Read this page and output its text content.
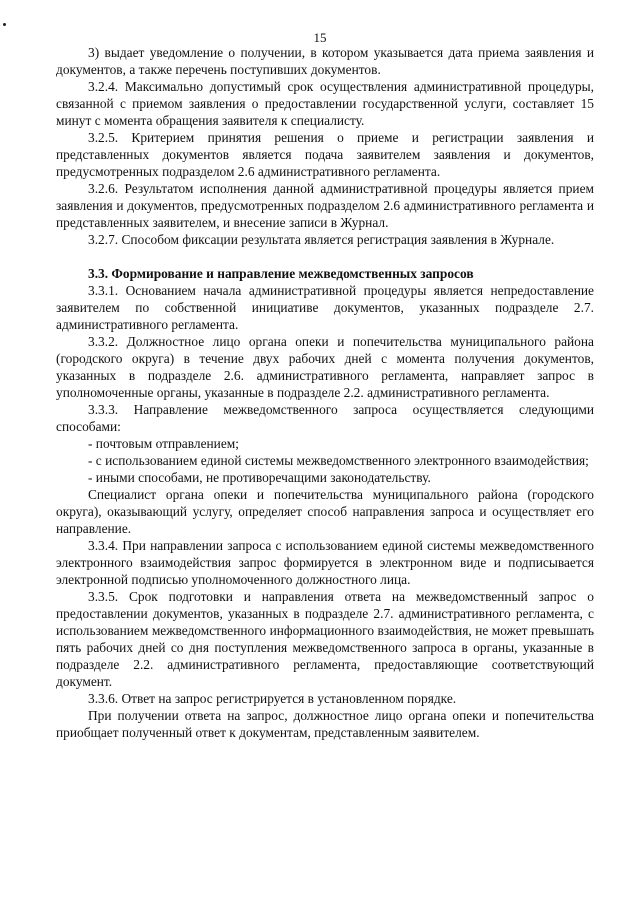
15

3) выдает уведомление о получении, в котором указывается дата приема заявления и документов, а также перечень поступивших документов.

3.2.4. Максимально допустимый срок осуществления административной процедуры, связанной с приемом заявления о предоставлении государственной услуги, составляет 15 минут с момента обращения заявителя к специалисту.

3.2.5. Критерием принятия решения о приеме и регистрации заявления и представленных документов является подача заявителем заявления и документов, предусмотренных подразделом 2.6 административного регламента.

3.2.6. Результатом исполнения данной административной процедуры является прием заявления и документов, предусмотренных подразделом 2.6 административного регламента и представленных заявителем, и внесение записи в Журнал.

3.2.7. Способом фиксации результата является регистрация заявления в Журнале.

3.3. Формирование и направление межведомственных запросов

3.3.1. Основанием начала административной процедуры является непредоставление заявителем по собственной инициативе документов, указанных подразделе 2.7. административного регламента.

3.3.2. Должностное лицо органа опеки и попечительства муниципального района (городского округа) в течение двух рабочих дней с момента получения документов, указанных в подразделе 2.6. административного регламента, направляет запрос в уполномоченные органы, указанные в подразделе 2.2. административного регламента.

3.3.3. Направление межведомственного запроса осуществляется следующими способами:

- почтовым отправлением;

- с использованием единой системы межведомственного электронного взаимодействия;

- иными способами, не противоречащими законодательству.

Специалист органа опеки и попечительства муниципального района (городского округа), оказывающий услугу, определяет способ направления запроса и осуществляет его направление.

3.3.4. При направлении запроса с использованием единой системы межведомственного электронного взаимодействия запрос формируется в электронном виде и подписывается электронной подписью уполномоченного должностного лица.

3.3.5. Срок подготовки и направления ответа на межведомственный запрос о предоставлении документов, указанных в подразделе 2.7. административного регламента, с использованием межведомственного информационного взаимодействия, не может превышать пять рабочих дней со дня поступления межведомственного запроса в органы, указанные в подразделе 2.2. административного регламента, предоставляющие соответствующий документ.

3.3.6. Ответ на запрос регистрируется в установленном порядке.

При получении ответа на запрос, должностное лицо органа опеки и попечительства приобщает полученный ответ к документам, представленным заявителем.
